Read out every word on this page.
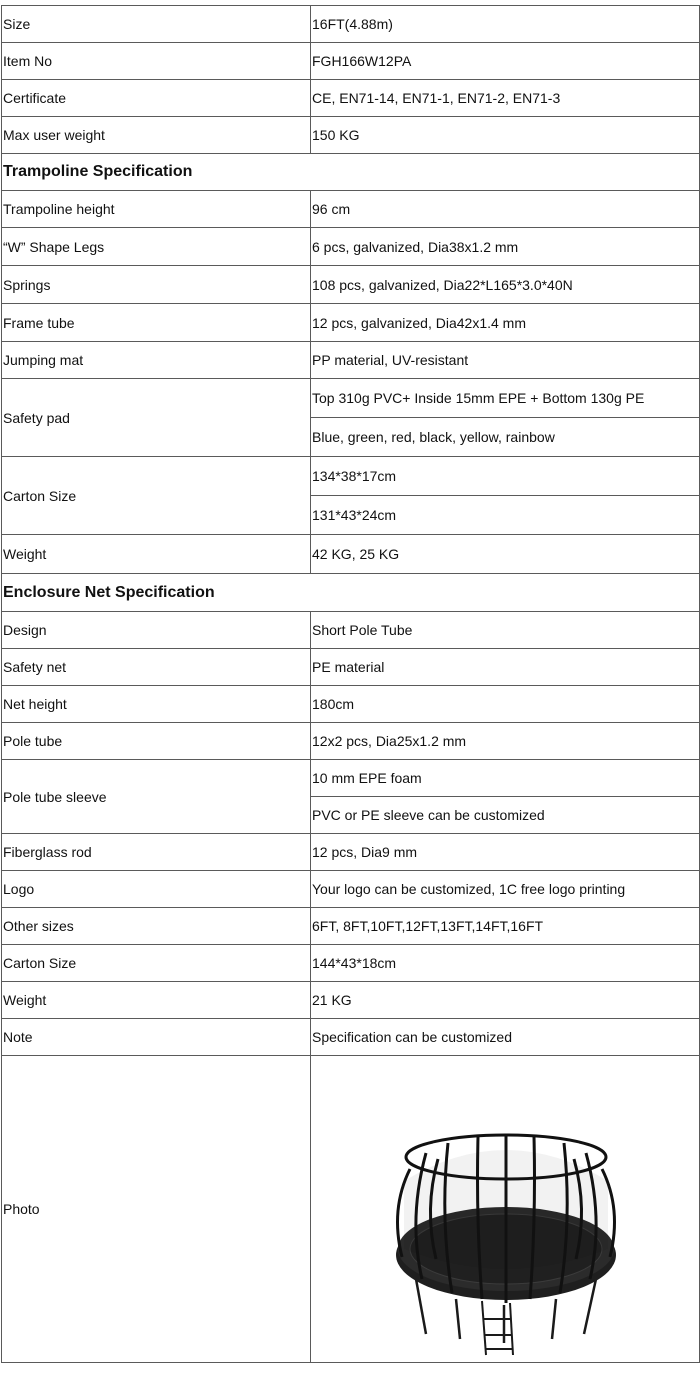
Size	16FT(4.88m)
Item No	FGH166W12PA
Certificate	CE, EN71-14, EN71-1, EN71-2, EN71-3
Max user weight	150 KG
Trampoline Specification	
Trampoline height	96 cm
“W” Shape Legs	6 pcs, galvanized, Dia38x1.2 mm
Springs	108 pcs, galvanized, Dia22*L165*3.0*40N
Frame tube	12 pcs, galvanized, Dia42x1.4 mm
Jumping mat	PP material, UV-resistant
Safety pad	Top 310g PVC+ Inside 15mm EPE + Bottom 130g PE
	Blue, green, red, black, yellow, rainbow
Carton Size	134*38*17cm
	131*43*24cm
Weight	42 KG, 25 KG
Enclosure Net Specification	
Design	Short Pole Tube
Safety net	PE material
Net height	180cm
Pole tube	12x2 pcs, Dia25x1.2 mm
Pole tube sleeve	10 mm EPE foam
	PVC or PE sleeve can be customized
Fiberglass rod	12 pcs, Dia9 mm
Logo	Your logo can be customized, 1C free logo printing
Other sizes	6FT, 8FT,10FT,12FT,13FT,14FT,16FT
Carton Size	144*43*18cm
Weight	21 KG
Note	Specification can be customized
Photo	
